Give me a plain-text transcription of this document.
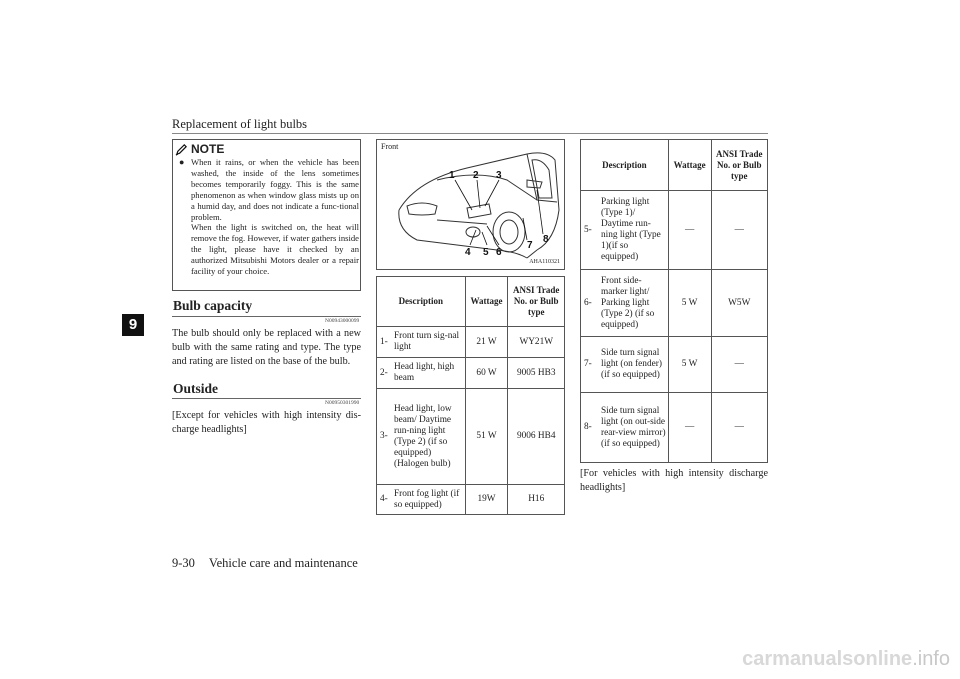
Replacement of light bulbs
9
NOTE
● When it rains, or when the vehicle has been washed, the inside of the lens sometimes becomes temporarily foggy. This is the same phenomenon as when window glass mists up on a humid day, and does not indicate a func-tional problem.
When the light is switched on, the heat will remove the fog. However, if water gathers inside the light, please have it checked by an authorized Mitsubishi Motors dealer or a repair facility of your choice.
Bulb capacity
N00943000099
The bulb should only be replaced with a new bulb with the same rating and type. The type and rating are listed on the base of the bulb.
Outside
N00950301990
[Except for vehicles with high intensity dis-charge headlights]
Front
1 2 3
4 5 6
7
8
AHA110321
Description	Wattage	ANSI Trade No. or Bulb type
1-Front turn sig-nal light	21 W	WY21W
2-Head light, high beam	60 W	9005 HB3
3-Head light, low beam/ Daytime run-ning light (Type 2) (if so equipped) (Halogen bulb)	51 W	9006 HB4
4-Front fog light (if so equipped)	19W	H16
Description	Wattage	ANSI Trade No. or Bulb type
5-Parking light (Type 1)/ Daytime run-ning light (Type 1)(if so equipped)	—	—
6-Front side-marker light/ Parking light (Type 2) (if so equipped)	5 W	W5W
7-Side turn signal light (on fender) (if so equipped)	5 W	—
8-Side turn signal light (on out-side rear-view mirror) (if so equipped)	—	—
[For vehicles with high intensity discharge headlights]
9-30 Vehicle care and maintenance
carmanualsonline.info
